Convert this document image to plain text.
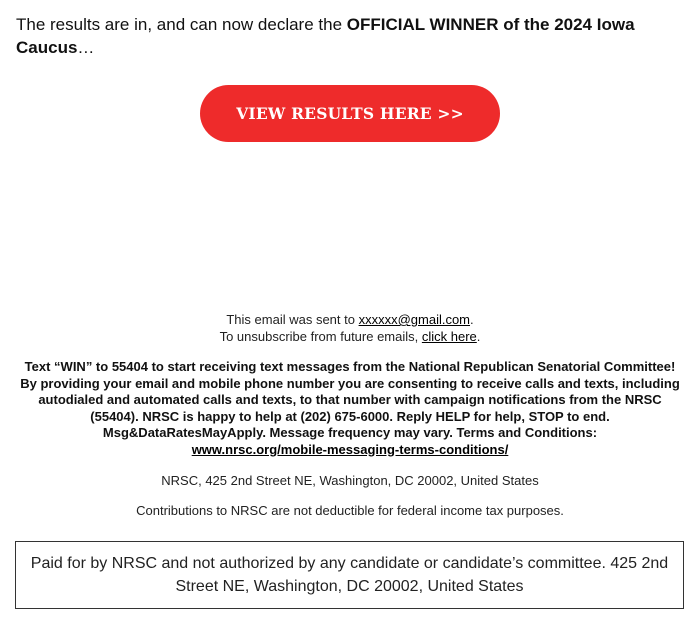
The results are in, and can now declare the OFFICIAL WINNER of the 2024 Iowa Caucus…
VIEW RESULTS HERE >>
This email was sent to xxxxxx@gmail.com.
To unsubscribe from future emails, click here.
Text “WIN” to 55404 to start receiving text messages from the National Republican Senatorial Committee! By providing your email and mobile phone number you are consenting to receive calls and texts, including autodialed and automated calls and texts, to that number with campaign notifications from the NRSC (55404). NRSC is happy to help at (202) 675-6000. Reply HELP for help, STOP to end. Msg&DataRatesMayApply. Message frequency may vary. Terms and Conditions:
www.nrsc.org/mobile-messaging-terms-conditions/
NRSC, 425 2nd Street NE, Washington, DC 20002, United States
Contributions to NRSC are not deductible for federal income tax purposes.
Paid for by NRSC and not authorized by any candidate or candidate’s committee. 425 2nd Street NE, Washington, DC 20002, United States
